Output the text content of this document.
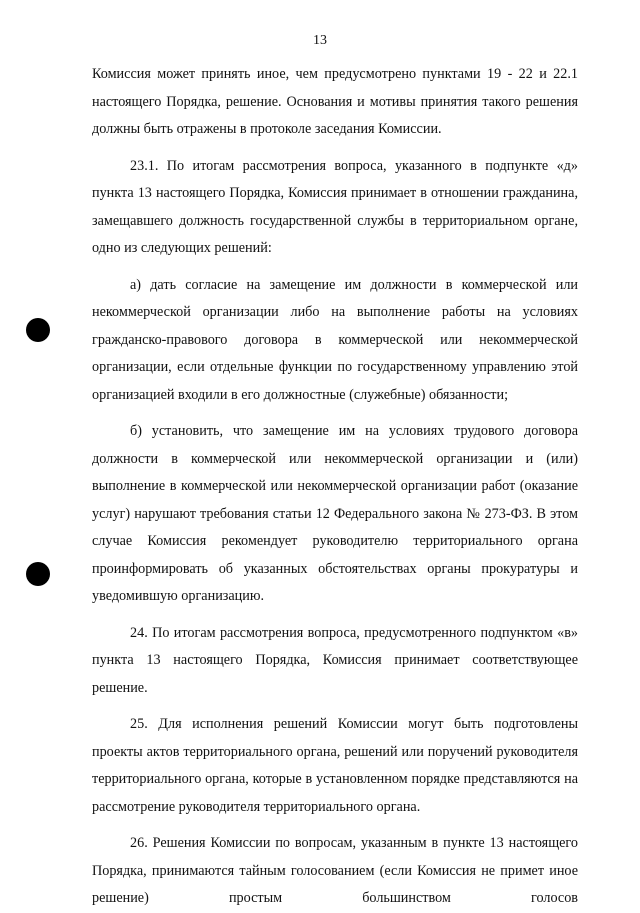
13

Комиссия может принять иное, чем предусмотрено пунктами 19 - 22 и 22.1 настоящего Порядка, решение. Основания и мотивы принятия такого решения должны быть отражены в протоколе заседания Комиссии.

23.1. По итогам рассмотрения вопроса, указанного в подпункте «д» пункта 13 настоящего Порядка, Комиссия принимает в отношении гражданина, замещавшего должность государственной службы в территориальном органе, одно из следующих решений:

а) дать согласие на замещение им должности в коммерческой или некоммерческой организации либо на выполнение работы на условиях гражданско-правового договора в коммерческой или некоммерческой организации, если отдельные функции по государственному управлению этой организацией входили в его должностные (служебные) обязанности;

б) установить, что замещение им на условиях трудового договора должности в коммерческой или некоммерческой организации и (или) выполнение в коммерческой или некоммерческой организации работ (оказание услуг) нарушают требования статьи 12 Федерального закона № 273-ФЗ. В этом случае Комиссия рекомендует руководителю территориального органа проинформировать об указанных обстоятельствах органы прокуратуры и уведомившую организацию.

24. По итогам рассмотрения вопроса, предусмотренного подпунктом «в» пункта 13 настоящего Порядка, Комиссия принимает соответствующее решение.

25. Для исполнения решений Комиссии могут быть подготовлены проекты актов территориального органа, решений или поручений руководителя территориального органа, которые в установленном порядке представляются на рассмотрение руководителя территориального органа.

26. Решения Комиссии по вопросам, указанным в пункте 13 настоящего Порядка, принимаются тайным голосованием (если Комиссия не примет иное решение) простым большинством голосов
